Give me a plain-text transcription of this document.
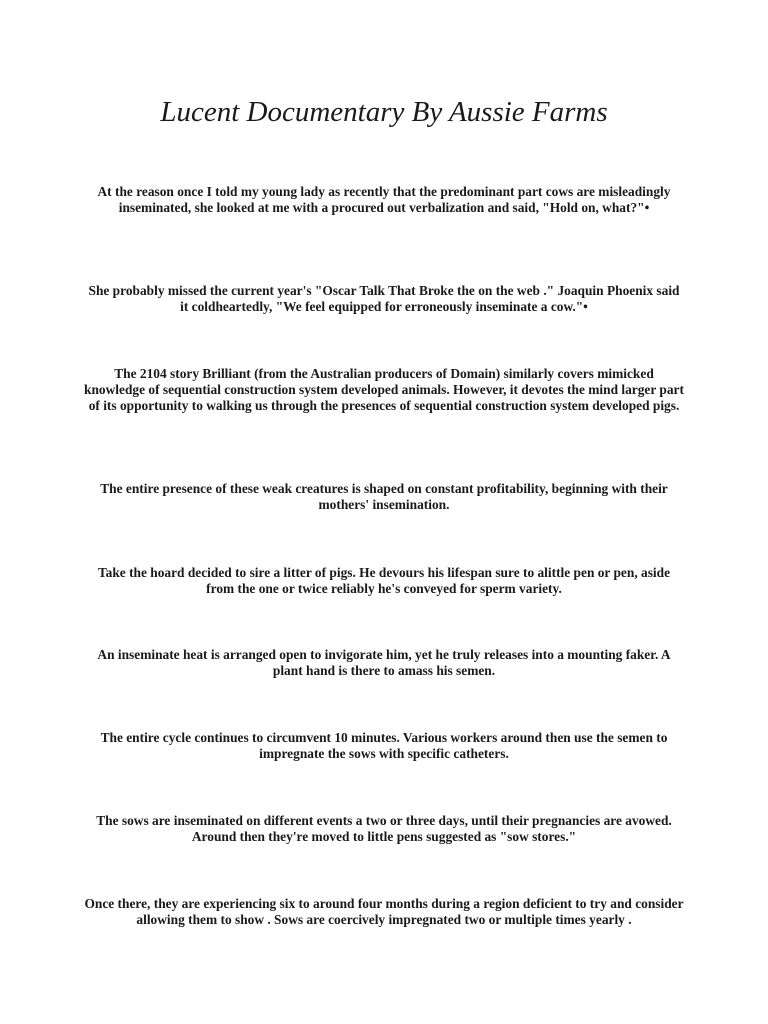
Lucent Documentary By Aussie Farms

At the reason once I told my young lady as recently that the predominant part cows are misleadingly inseminated, she looked at me with a procured out verbalization and said, "Hold on, what?"•

She probably missed the current year's "Oscar Talk That Broke the on the web ." Joaquin Phoenix said it coldheartedly, "We feel equipped for erroneously inseminate a cow."•

The 2104 story Brilliant (from the Australian producers of Domain) similarly covers mimicked knowledge of sequential construction system developed animals. However, it devotes the mind larger part of its opportunity to walking us through the presences of sequential construction system developed pigs.

The entire presence of these weak creatures is shaped on constant profitability, beginning with their mothers' insemination.

Take the hoard decided to sire a litter of pigs. He devours his lifespan sure to alittle pen or pen, aside from the one or twice reliably he's conveyed for sperm variety.

An inseminate heat is arranged open to invigorate him, yet he truly releases into a mounting faker. A plant hand is there to amass his semen.

The entire cycle continues to circumvent 10 minutes. Various workers around then use the semen to impregnate the sows with specific catheters.

The sows are inseminated on different events a two or three days, until their pregnancies are avowed. Around then they're moved to little pens suggested as "sow stores."

Once there, they are experiencing six to around four months during a region deficient to try and consider allowing them to show . Sows are coercively impregnated two or multiple times yearly .
